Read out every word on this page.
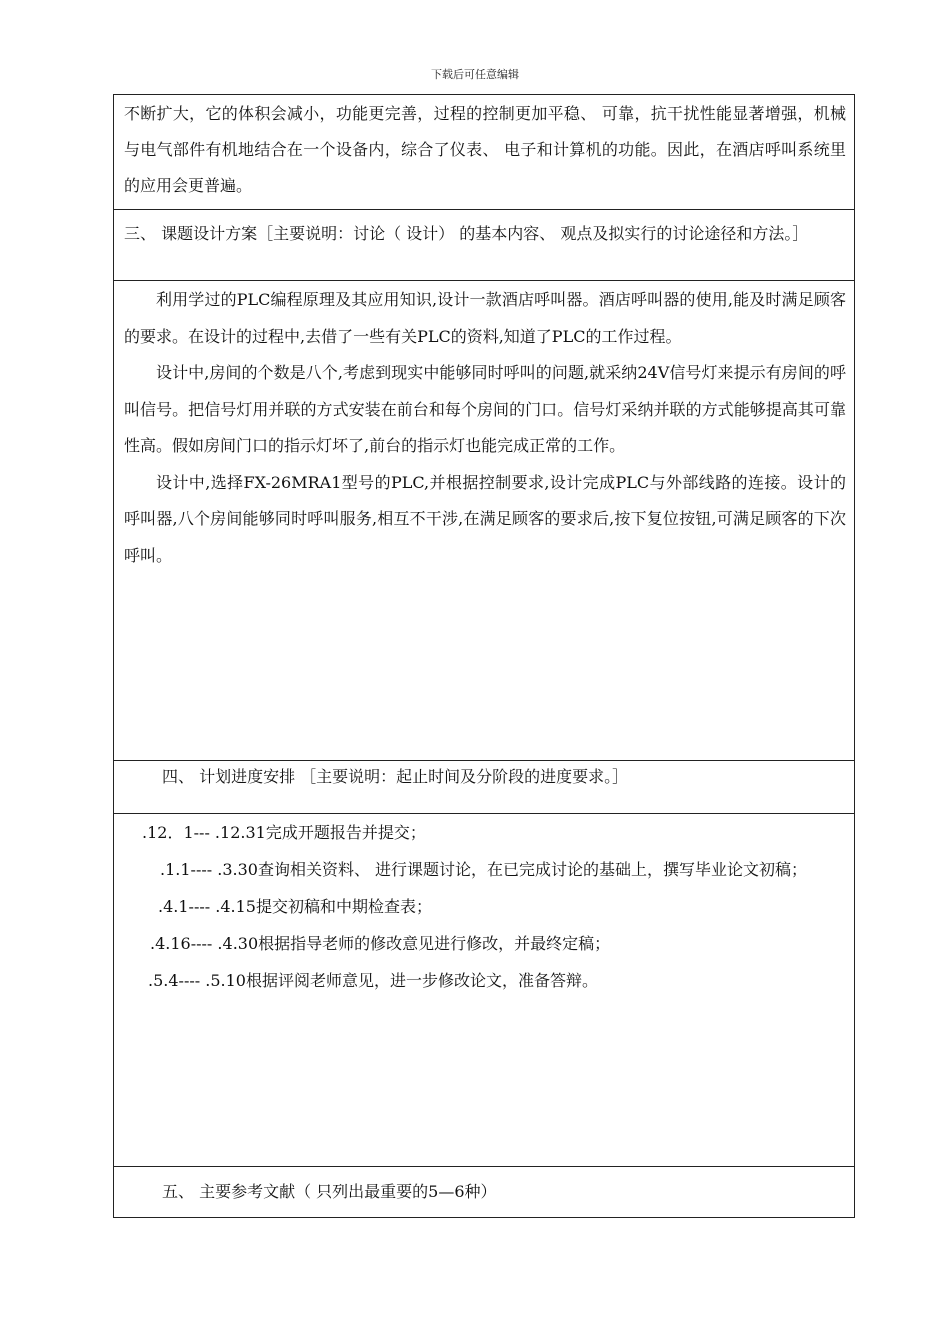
下载后可任意编辑
不断扩大，它的体积会减小，功能更完善，过程的控制更加平稳、 可靠，抗干扰性能显著增强，机械与电气部件有机地结合在一个设备内，综合了仪表、 电子和计算机的功能。因此，在酒店呼叫系统里的应用会更普遍。

三、 课题设计方案［主要说明：讨论（ 设计） 的基本内容、 观点及拟实行的讨论途径和方法。］

利用学过的PLC编程原理及其应用知识,设计一款酒店呼叫器。酒店呼叫器的使用,能及时满足顾客的要求。在设计的过程中,去借了一些有关PLC的资料,知道了PLC的工作过程。

设计中,房间的个数是八个,考虑到现实中能够同时呼叫的问题,就采纳24V信号灯来提示有房间的呼叫信号。把信号灯用并联的方式安装在前台和每个房间的门口。信号灯采纳并联的方式能够提高其可靠性高。假如房间门口的指示灯坏了,前台的指示灯也能完成正常的工作。

设计中,选择FX-26MRA1型号的PLC,并根据控制要求,设计完成PLC与外部线路的连接。设计的呼叫器,八个房间能够同时呼叫服务,相互不干涉,在满足顾客的要求后,按下复位按钮,可满足顾客的下次呼叫。

四、 计划进度安排 ［主要说明：起止时间及分阶段的进度要求。］

.12．1--- .12.31完成开题报告并提交；

.1.1---- .3.30查询相关资料、 进行课题讨论，在已完成讨论的基础上，撰写毕业论文初稿；

.4.1---- .4.15提交初稿和中期检查表；

.4.16---- .4.30根据指导老师的修改意见进行修改，并最终定稿；

.5.4---- .5.10根据评阅老师意见，进一步修改论文，准备答辩。

五、 主要参考文献（ 只列出最重要的5—6种）
